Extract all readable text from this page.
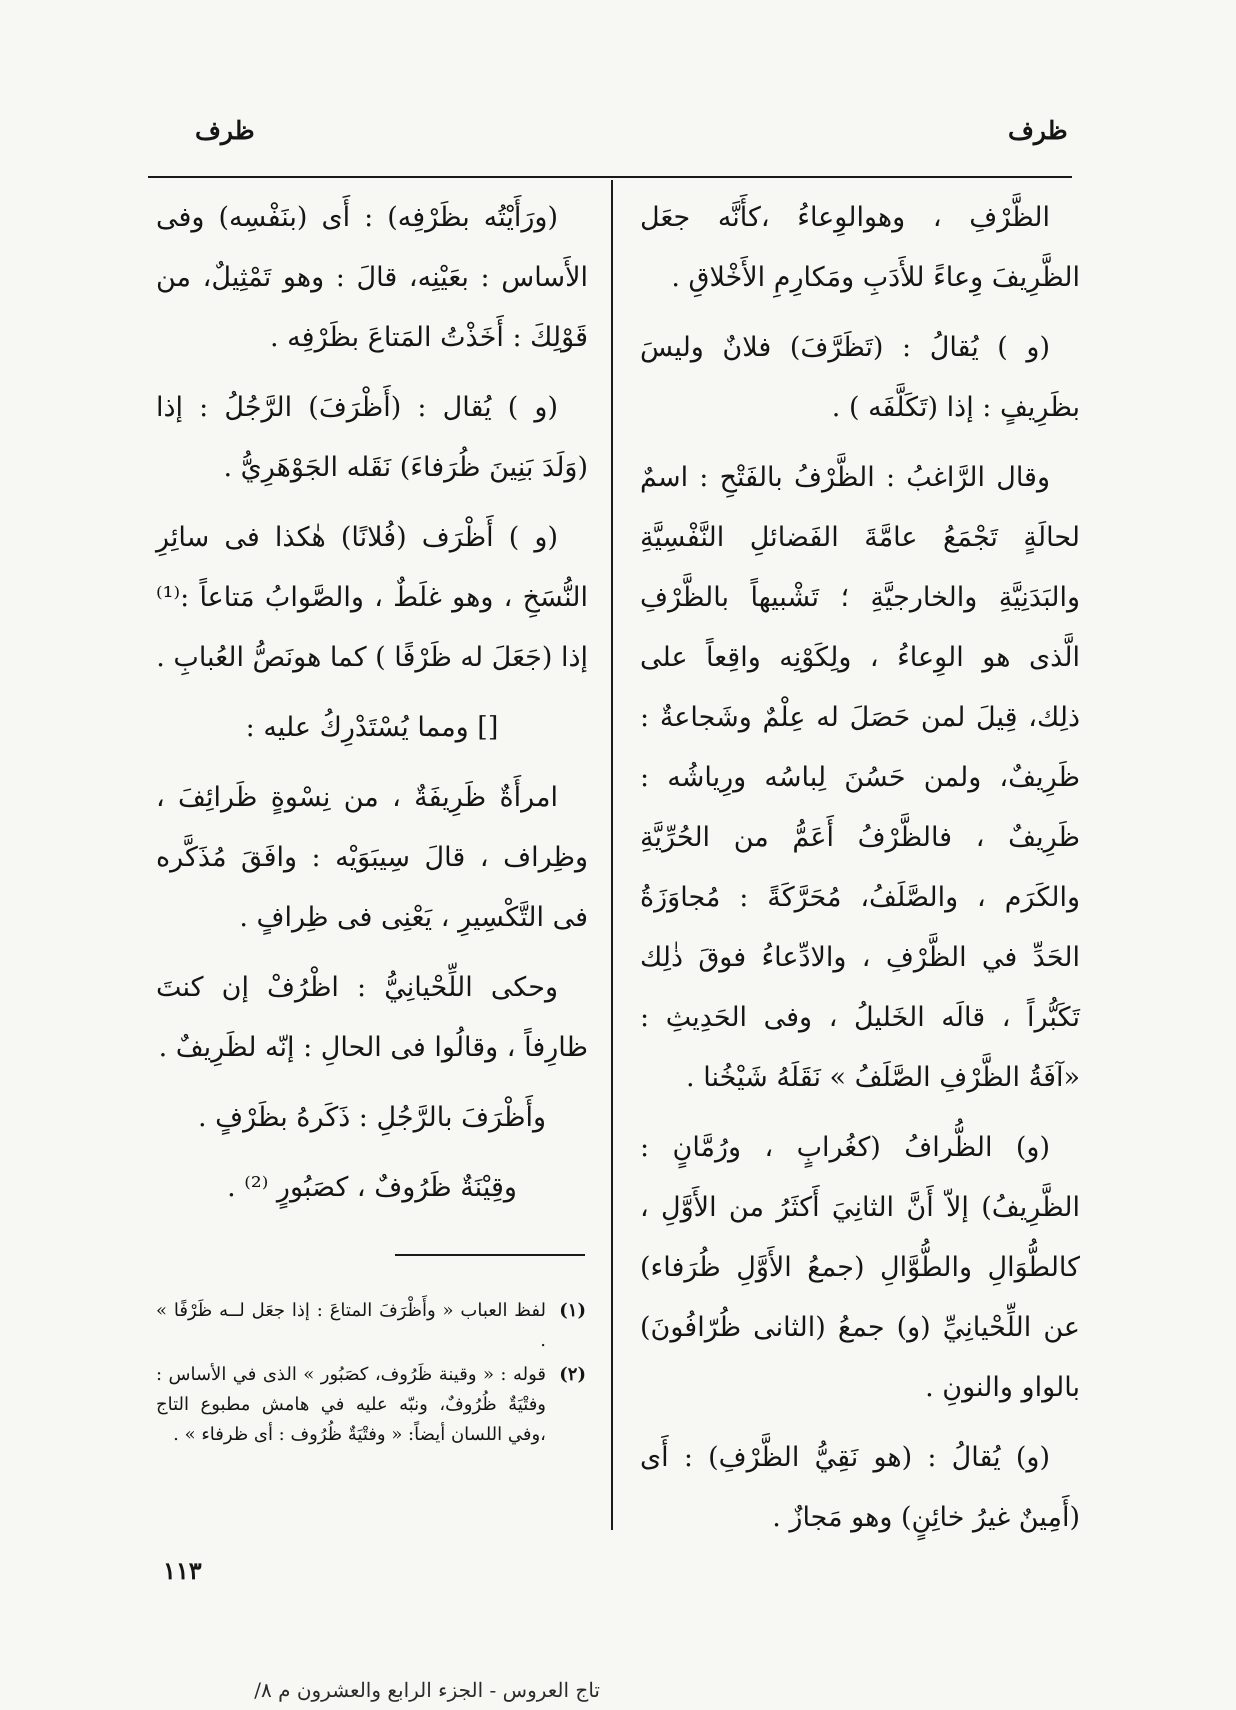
ظرف	ظرف

الظَّرْفِ ، وهوالوِعاءُ ،كأَنَّه جعَل الظَّرِيفَ وِعاءً للأَدَبِ ومَكارِمِ الأَخْلاقِ .

(و ) يُقالُ : (تَظَرَّفَ) فلانٌ وليسَ بظَرِيفٍ : إذا (تَكَلَّفَه ) .

وقال الرَّاغبُ : الظَّرْفُ بالفَتْحِ : اسمٌ لحالَةٍ تَجْمَعُ عامَّةَ الفَضائلِ النَّفْسِيَّةِ والبَدَنِيَّةِ والخارجيَّةِ ؛ تَشْبيهاً بالظَّرْفِ الَّذى هو الوِعاءُ ، ولِكَوْنِه واقِعاً على ذلِك، قِيلَ لمن حَصَلَ له عِلْمٌ وشَجاعةٌ : ظَرِيفٌ، ولمن حَسُنَ لِباسُه ورِياشُه : ظَرِيفٌ ، فالظَّرْفُ أَعَمُّ من الحُرِّيَّةِ والكَرَم ، والصَّلَفُ، مُحَرَّكَةً : مُجاوَزَةُ الحَدِّ في الظَّرْفِ ، والادِّعاءُ فوقَ ذٰلِك تَكَبُّراً ، قالَه الخَليلُ ، وفى الحَدِيثِ : «آفَةُ الظَّرْفِ الصَّلَفُ » نَقَلَهُ شَيْخُنا .

(و) الظُّرافُ (كغُرابٍ ، ورُمَّانٍ : الظَّرِيفُ) إلاّ أَنَّ الثانِيَ أَكثَرُ من الأَوَّلِ ، كالطُّوَالِ والطُّوَّالِ (جمعُ الأَوَّلِ ظُرَفاء) عن اللِّحْيانِيِّ (و) جمعُ (الثانى ظُرّافُونَ) بالواو والنونِ .

(و) يُقالُ : (هو نَقِيُّ الظَّرْفِ) : أَى (أَمِينٌ غيرُ خائِنٍ) وهو مَجازٌ .

(ورَأَيْتُه بظَرْفِه) : أَى (بنَفْسِه) وفى الأَساس : بعَيْنِه، قالَ : وهو تَمْثِيلٌ، من قَوْلِكَ : أَخَذْتُ المَتاعَ بظَرْفِه .

(و ) يُقال : (أَظْرَفَ) الرَّجُلُ : إذا (وَلَدَ بَنِينَ ظُرَفاءَ) نَقَله الجَوْهَرِيُّ .

(و ) أَظْرَف (فُلانًا) هٰكذا فى سائِرِ النُّسَخِ ، وهو غلَطٌ ، والصَّوابُ مَتاعاً :⁽¹⁾ إذا (جَعَلَ له ظَرْفًا ) كما هونَصُّ العُبابِ .

[] ومما يُسْتَدْرِكُ عليه :

امرأَةٌ ظَرِيفَةٌ ، من نِسْوةٍ ظَرائِفَ ، وظِراف ، قالَ سِيبَوَيْه : وافَقَ مُذَكَّره فى التَّكْسِيرِ ، يَعْنِى فى ظِرافٍ .

وحكى اللِّحْيانِيُّ : اظْرُفْ إن كنتَ ظارِفاً ، وقالُوا فى الحالِ : إنّه لظَرِيفٌ .

وأَظْرَفَ بالرَّجُلِ : ذَكَرهُ بظَرْفٍ .

وقِيْنَةٌ ظَرُوفٌ ، كصَبُورٍ ⁽²⁾ .

(١)
لفظ العباب « وأَظْرَفَ المتاعَ : إذا جعَل لــه ظَرْفًا » .
(٢)
قوله : « وقينة ظَرُوف، كصَبُور » الذى في الأساس : وفتْيَةٌ ظُرُوفٌ، ونبّه عليه في هامش مطبوع التاج ،وفي اللسان أيضاً: « وفتْيَةٌ ظُرُوف : أى ظرفاء » .
١١٣
تاج العروس - الجزء الرابع والعشرون م ٨/
